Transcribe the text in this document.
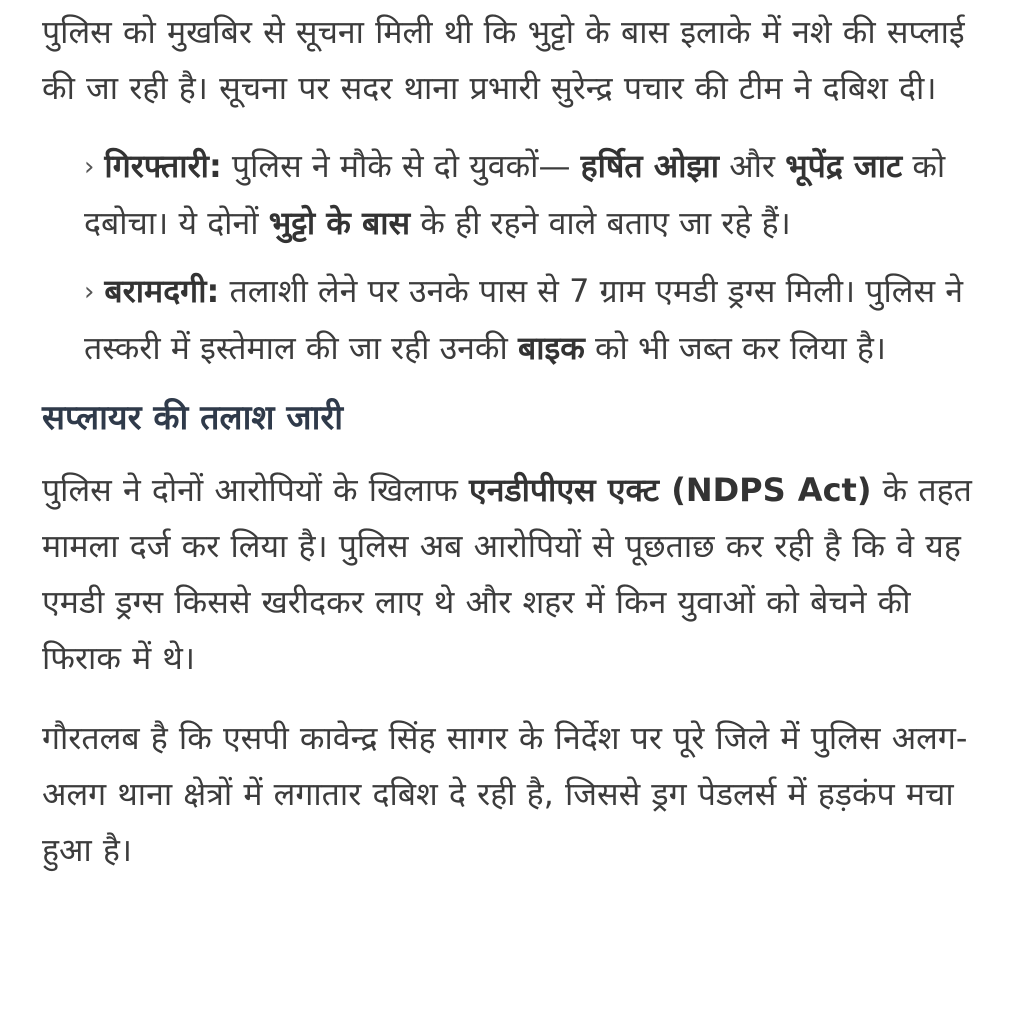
पुलिस को मुखबिर से सूचना मिली थी कि भुट्टो के बास इलाके में नशे की सप्लाई की जा रही है। सूचना पर सदर थाना प्रभारी सुरेन्द्र पचार की टीम ने दबिश दी।

› गिरफ्तारी: पुलिस ने मौके से दो युवकों— हर्षित ओझा और भूपेंद्र जाट को दबोचा। ये दोनों भुट्टो के बास के ही रहने वाले बताए जा रहे हैं।

› बरामदगी: तलाशी लेने पर उनके पास से 7 ग्राम एमडी ड्रग्स मिली। पुलिस ने तस्करी में इस्तेमाल की जा रही उनकी बाइक को भी जब्त कर लिया है।

सप्लायर की तलाश जारी

पुलिस ने दोनों आरोपियों के खिलाफ एनडीपीएस एक्ट (NDPS Act) के तहत मामला दर्ज कर लिया है। पुलिस अब आरोपियों से पूछताछ कर रही है कि वे यह एमडी ड्रग्स किससे खरीदकर लाए थे और शहर में किन युवाओं को बेचने की फिराक में थे।

गौरतलब है कि एसपी कावेन्द्र सिंह सागर के निर्देश पर पूरे जिले में पुलिस अलग-अलग थाना क्षेत्रों में लगातार दबिश दे रही है, जिससे ड्रग पेडलर्स में हड़कंप मचा हुआ है।
